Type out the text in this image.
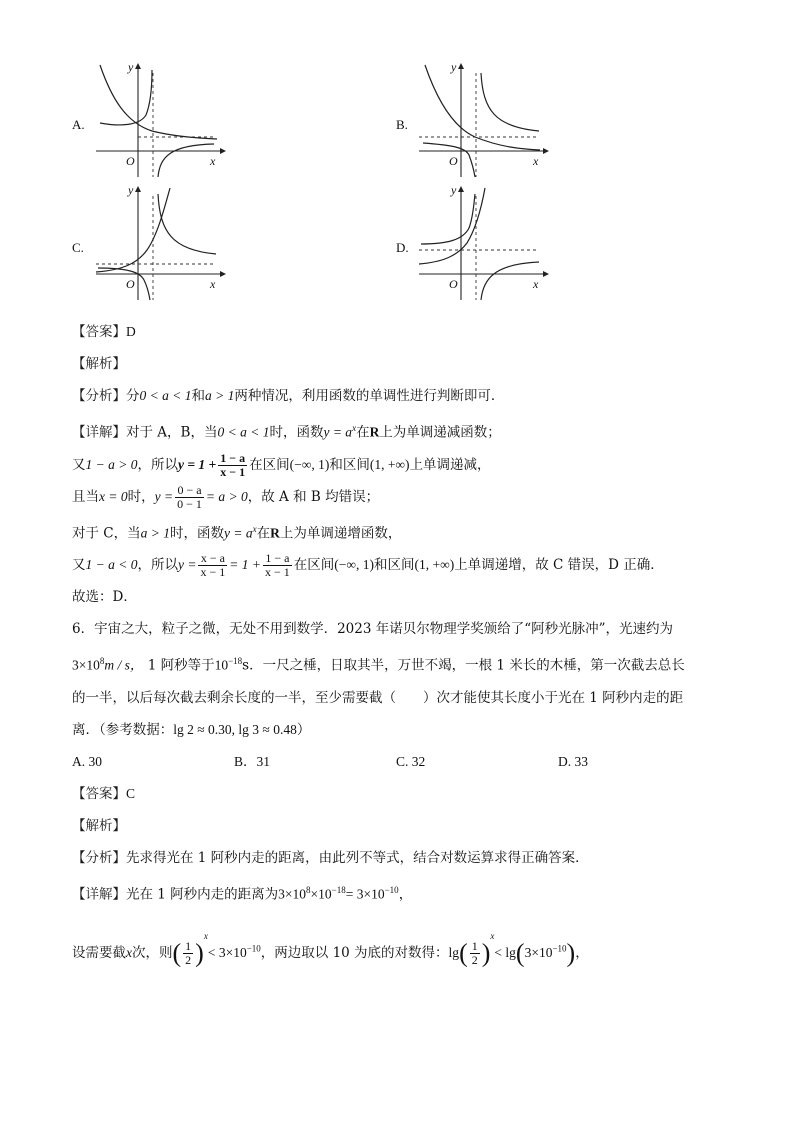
A.
y
x
O
B.
y
x
O
C.
y
x
O
D.
y
x
O
【答案】D
【解析】
【分析】分0 < a < 1和a > 1两种情况，利用函数的单调性进行判断即可．
【详解】对于 A，B，当0 < a < 1时，函数$y = a^x$在R上为单调递减函数；
又1 − a > 0，所以$y = 1 + \frac{1 - a}{x - 1}$ 在区间(−∞, 1)和区间(1, +∞)上单调递减，
且当x = 0时，$y = \frac{0 - a}{0 - 1} = a > 0$，故 A 和 B 均错误；
对于 C，当a > 1时，函数$y = a^x$在R上为单调递增函数，
又1 − a < 0，所以$y = \frac{x - a}{x - 1} = 1 + \frac{1 - a}{x - 1}$ 在区间(−∞, 1)和区间(1, +∞)上单调递增，故 C 错误，D 正确．
故选：D．
6．宇宙之大，粒子之微，无处不用到数学．2023 年诺贝尔物理学奖颁给了“阿秒光脉冲”，光速约为
$3\times 10^8m / s$， 1 阿秒等于$10^{-18}s$．一尺之棰，日取其半，万世不竭，一根 1 米长的木棰，第一次截去总长
的一半，以后每次截去剩余长度的一半，至少需要截（　　）次才能使其长度小于光在 1 阿秒内走的距
离．（参考数据：lg 2 ≈ 0.30, lg 3 ≈ 0.48）
A. 30	B．31	C. 32	D. 33
【答案】C
【解析】
【分析】先求得光在 1 阿秒内走的距离，由此列不等式，结合对数运算求得正确答案．
【详解】光在 1 阿秒内走的距离为$3\times 10^8\times 10^{-18}= 3\times 10^{-10}$，
设需要截x次，则( $\frac{1}{2} )^x< 3\times 10^{-10}$，两边取以 10 为底的对数得：$\lg( \frac{1}{2} )^x< \lg(3\times 10^{-10})$，
